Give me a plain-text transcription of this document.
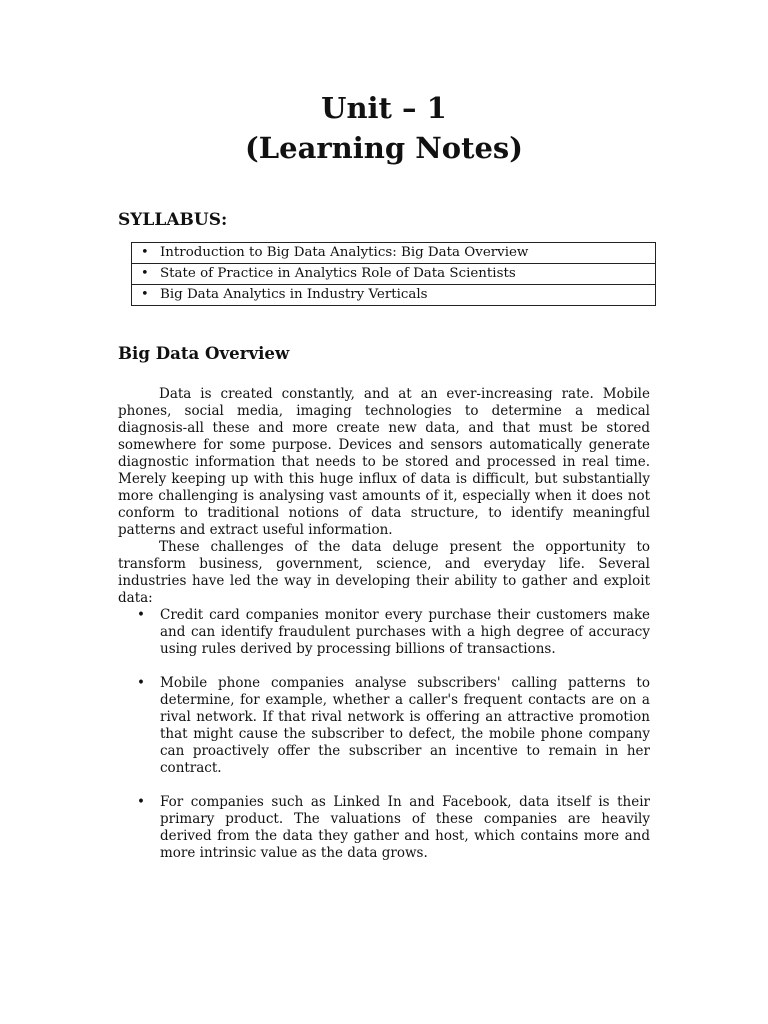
Unit – 1
(Learning Notes)
SYLLABUS:
• Introduction to Big Data Analytics: Big Data Overview
• State of Practice in Analytics Role of Data Scientists
• Big Data Analytics in Industry Verticals
Big Data Overview

Data is created constantly, and at an ever-increasing rate. Mobile phones, social media, imaging technologies to determine a medical diagnosis-all these and more create new data, and that must be stored somewhere for some purpose. Devices and sensors automatically generate diagnostic information that needs to be stored and processed in real time. Merely keeping up with this huge influx of data is difficult, but substantially more challenging is analysing vast amounts of it, especially when it does not conform to traditional notions of data structure, to identify meaningful patterns and extract useful information.

These challenges of the data deluge present the opportunity to transform business, government, science, and everyday life. Several industries have led the way in developing their ability to gather and exploit data:

• Credit card companies monitor every purchase their customers make and can identify fraudulent purchases with a high degree of accuracy using rules derived by processing billions of transactions.
• Mobile phone companies analyse subscribers' calling patterns to determine, for example, whether a caller's frequent contacts are on a rival network. If that rival network is offering an attractive promotion that might cause the subscriber to defect, the mobile phone company can proactively offer the subscriber an incentive to remain in her contract.
• For companies such as Linked In and Facebook, data itself is their primary product. The valuations of these companies are heavily derived from the data they gather and host, which contains more and more intrinsic value as the data grows.
